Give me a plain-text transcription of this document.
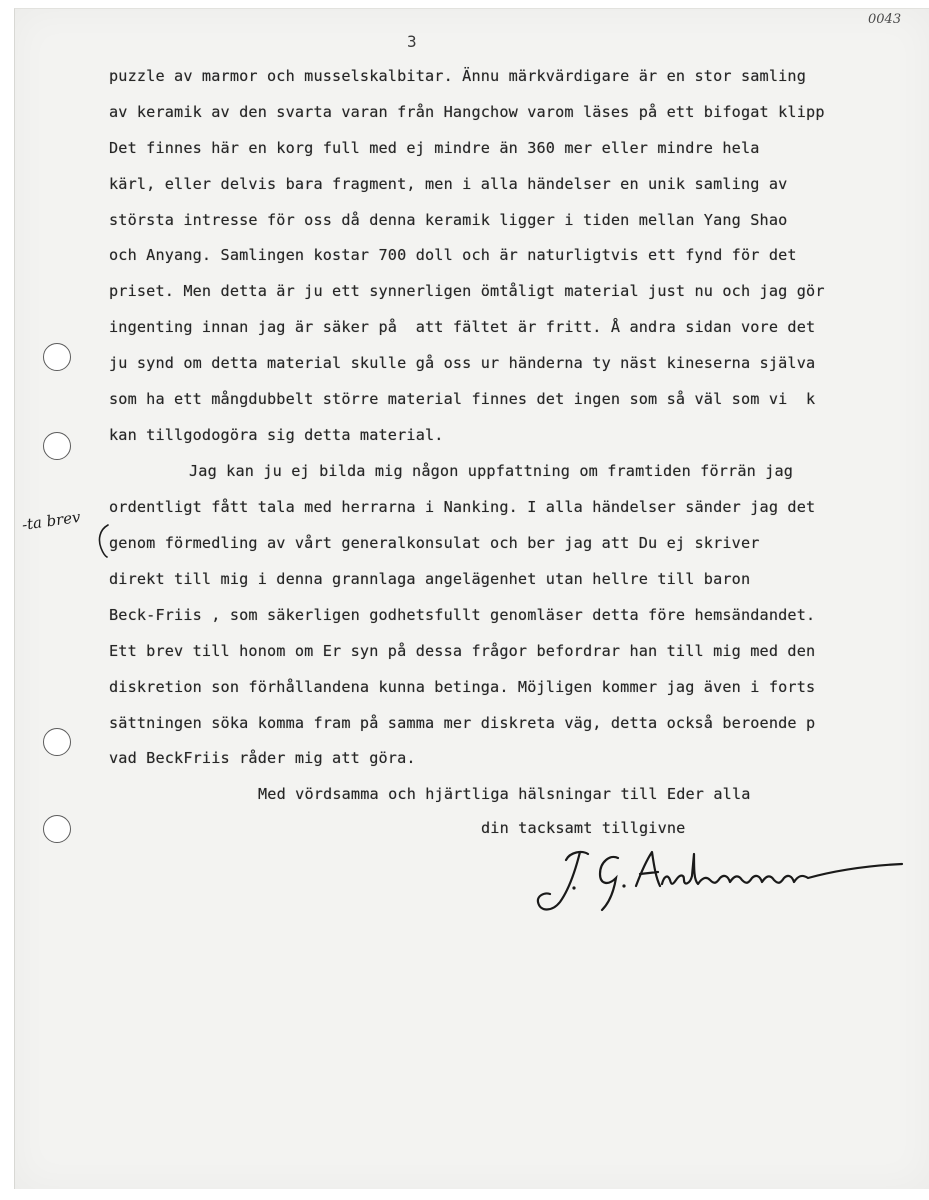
0043
3
puzzle av marmor och musselskalbitar. Ännu märkvärdigare är en stor samling
av keramik av den svarta varan från Hangchow varom läses på ett bifogat klipp
Det finnes här en korg full med ej mindre än 360 mer eller mindre hela
kärl, eller delvis bara fragment, men i alla händelser en unik samling av
största intresse för oss då denna keramik ligger i tiden mellan Yang Shao
och Anyang. Samlingen kostar 700 doll och är naturligtvis ett fynd för det
priset. Men detta är ju ett synnerligen ömtåligt material just nu och jag gör
ingenting innan jag är säker på  att fältet är fritt. Å andra sidan vore det
ju synd om detta material skulle gå oss ur händerna ty näst kineserna själva
som ha ett mångdubbelt större material finnes det ingen som så väl som vi  k
kan tillgodogöra sig detta material.
Jag kan ju ej bilda mig någon uppfattning om framtiden förrän jag
ordentligt fått tala med herrarna i Nanking. I alla händelser sänder jag det
genom förmedling av vårt generalkonsulat och ber jag att Du ej skriver
direkt till mig i denna grannlaga angelägenhet utan hellre till baron
Beck-Friis , som säkerligen godhetsfullt genomläser detta före hemsändandet.
Ett brev till honom om Er syn på dessa frågor befordrar han till mig med den
diskretion son förhållandena kunna betinga. Möjligen kommer jag även i forts
sättningen söka komma fram på samma mer diskreta väg, detta också beroende p
vad BeckFriis råder mig att göra.
Med vördsamma och hjärtliga hälsningar till Eder alla
din tacksamt tillgivne
-ta brev
